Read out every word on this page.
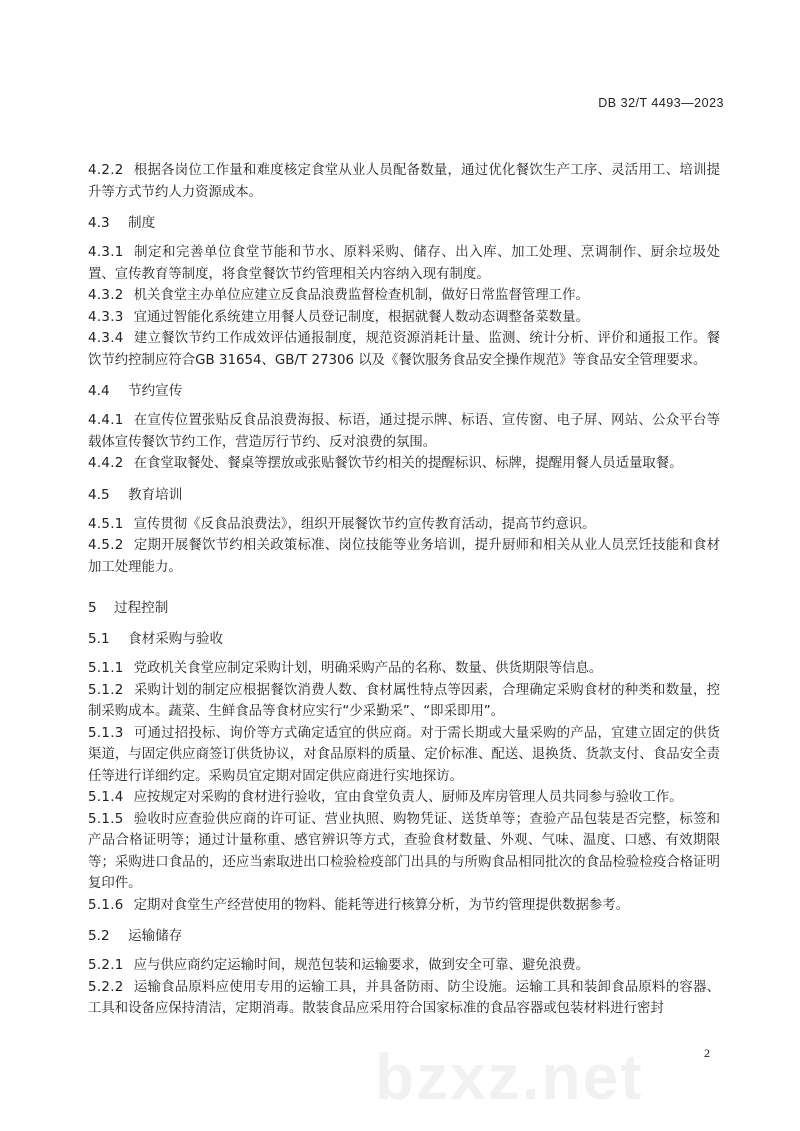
DB 32/T 4493—2023

4.2.2 根据各岗位工作量和难度核定食堂从业人员配备数量，通过优化餐饮生产工序、灵活用工、培训提升等方式节约人力资源成本。

4.3 制度

4.3.1 制定和完善单位食堂节能和节水、原料采购、储存、出入库、加工处理、烹调制作、厨余垃圾处置、宣传教育等制度，将食堂餐饮节约管理相关内容纳入现有制度。

4.3.2 机关食堂主办单位应建立反食品浪费监督检查机制，做好日常监督管理工作。

4.3.3 宜通过智能化系统建立用餐人员登记制度，根据就餐人数动态调整备菜数量。

4.3.4 建立餐饮节约工作成效评估通报制度，规范资源消耗计量、监测、统计分析、评价和通报工作。餐饮节约控制应符合GB 31654、GB/T 27306 以及《餐饮服务食品安全操作规范》等食品安全管理要求。

4.4 节约宣传

4.4.1 在宣传位置张贴反食品浪费海报、标语，通过提示牌、标语、宣传窗、电子屏、网站、公众平台等载体宣传餐饮节约工作，营造厉行节约、反对浪费的氛围。

4.4.2 在食堂取餐处、餐桌等摆放或张贴餐饮节约相关的提醒标识、标牌，提醒用餐人员适量取餐。

4.5 教育培训

4.5.1 宣传贯彻《反食品浪费法》，组织开展餐饮节约宣传教育活动，提高节约意识。

4.5.2 定期开展餐饮节约相关政策标准、岗位技能等业务培训，提升厨师和相关从业人员烹饪技能和食材加工处理能力。

5 过程控制
5.1 食材采购与验收

5.1.1 党政机关食堂应制定采购计划，明确采购产品的名称、数量、供货期限等信息。

5.1.2 采购计划的制定应根据餐饮消费人数、食材属性特点等因素，合理确定采购食材的种类和数量，控制采购成本。蔬菜、生鲜食品等食材应实行“少采勤采”、“即采即用”。

5.1.3 可通过招投标、询价等方式确定适宜的供应商。对于需长期或大量采购的产品，宜建立固定的供货渠道，与固定供应商签订供货协议，对食品原料的质量、定价标准、配送、退换货、货款支付、食品安全责任等进行详细约定。采购员宜定期对固定供应商进行实地探访。

5.1.4 应按规定对采购的食材进行验收，宜由食堂负责人、厨师及库房管理人员共同参与验收工作。

5.1.5 验收时应查验供应商的许可证、营业执照、购物凭证、送货单等；查验产品包装是否完整，标签和产品合格证明等；通过计量称重、感官辨识等方式，查验食材数量、外观、气味、温度、口感、有效期限等；采购进口食品的，还应当索取进出口检验检疫部门出具的与所购食品相同批次的食品检验检疫合格证明复印件。

5.1.6 定期对食堂生产经营使用的物料、能耗等进行核算分析，为节约管理提供数据参考。

5.2 运输储存

5.2.1 应与供应商约定运输时间，规范包装和运输要求，做到安全可靠、避免浪费。

5.2.2 运输食品原料应使用专用的运输工具，并具备防雨、防尘设施。运输工具和装卸食品原料的容器、工具和设备应保持清洁，定期消毒。散装食品应采用符合国家标准的食品容器或包装材料进行密封

bzxz.net	2
